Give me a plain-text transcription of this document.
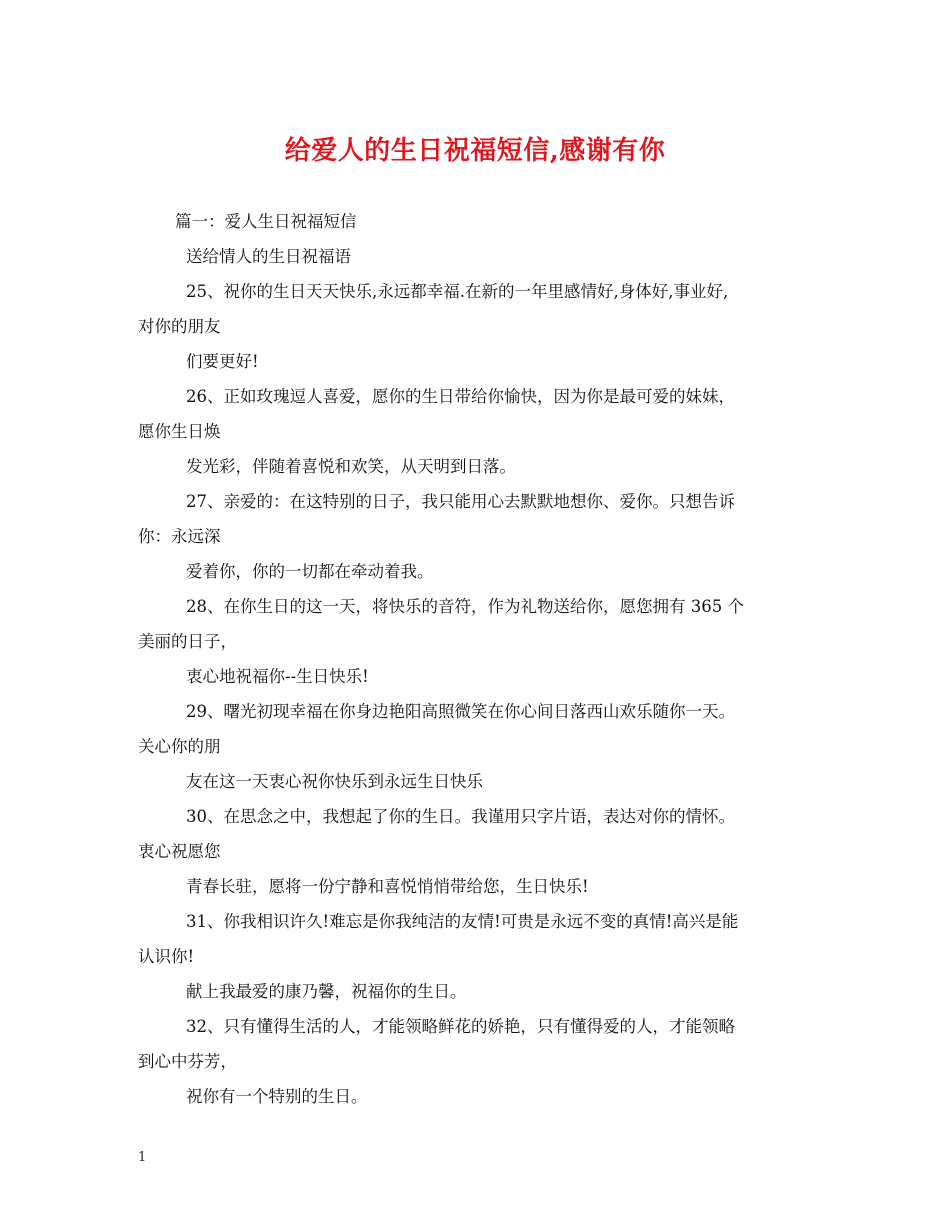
给爱人的生日祝福短信,感谢有你
篇一：爱人生日祝福短信
送给情人的生日祝福语
25、祝你的生日天天快乐,永远都幸福.在新的一年里感情好,身体好,事业好,
对你的朋友
们要更好!
26、正如玫瑰逗人喜爱，愿你的生日带给你愉快，因为你是最可爱的妹妹，
愿你生日焕
发光彩，伴随着喜悦和欢笑，从天明到日落。
27、亲爱的：在这特别的日子，我只能用心去默默地想你、爱你。只想告诉
你：永远深
爱着你，你的一切都在牵动着我。
28、在你生日的这一天，将快乐的音符，作为礼物送给你，愿您拥有 365 个
美丽的日子，
衷心地祝福你--生日快乐!
29、曙光初现幸福在你身边艳阳高照微笑在你心间日落西山欢乐随你一天。
关心你的朋
友在这一天衷心祝你快乐到永远生日快乐
30、在思念之中，我想起了你的生日。我谨用只字片语，表达对你的情怀。
衷心祝愿您
青春长驻，愿将一份宁静和喜悦悄悄带给您，生日快乐!
31、你我相识许久!难忘是你我纯洁的友情!可贵是永远不变的真情!高兴是能
认识你!
献上我最爱的康乃馨，祝福你的生日。
32、只有懂得生活的人，才能领略鲜花的娇艳，只有懂得爱的人，才能领略
到心中芬芳，
祝你有一个特别的生日。
1
